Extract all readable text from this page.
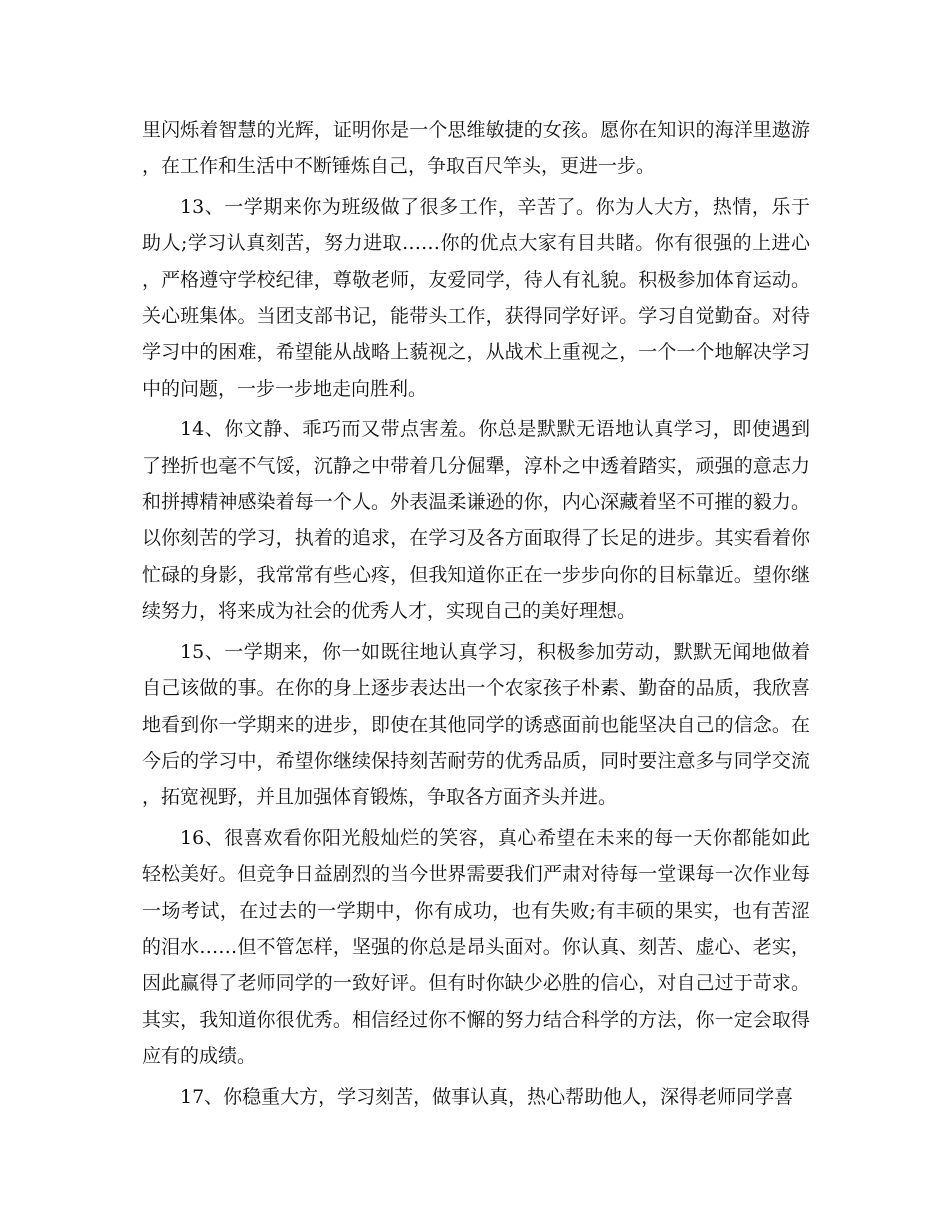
里闪烁着智慧的光辉，证明你是一个思维敏捷的女孩。愿你在知识的海洋里遨游，在工作和生活中不断锤炼自己，争取百尺竿头，更进一步。

13、一学期来你为班级做了很多工作，辛苦了。你为人大方，热情，乐于助人;学习认真刻苦，努力进取……你的优点大家有目共睹。你有很强的上进心，严格遵守学校纪律，尊敬老师，友爱同学，待人有礼貌。积极参加体育运动。关心班集体。当团支部书记，能带头工作，获得同学好评。学习自觉勤奋。对待学习中的困难，希望能从战略上藐视之，从战术上重视之，一个一个地解决学习中的问题，一步一步地走向胜利。

14、你文静、乖巧而又带点害羞。你总是默默无语地认真学习，即使遇到了挫折也毫不气馁，沉静之中带着几分倔犟，淳朴之中透着踏实，顽强的意志力和拼搏精神感染着每一个人。外表温柔谦逊的你，内心深藏着坚不可摧的毅力。以你刻苦的学习，执着的追求，在学习及各方面取得了长足的进步。其实看着你忙碌的身影，我常常有些心疼，但我知道你正在一步步向你的目标靠近。望你继续努力，将来成为社会的优秀人才，实现自己的美好理想。

15、一学期来，你一如既往地认真学习，积极参加劳动，默默无闻地做着自己该做的事。在你的身上逐步表达出一个农家孩子朴素、勤奋的品质，我欣喜地看到你一学期来的进步，即使在其他同学的诱惑面前也能坚决自己的信念。在今后的学习中，希望你继续保持刻苦耐劳的优秀品质，同时要注意多与同学交流，拓宽视野，并且加强体育锻炼，争取各方面齐头并进。

16、很喜欢看你阳光般灿烂的笑容，真心希望在未来的每一天你都能如此轻松美好。但竞争日益剧烈的当今世界需要我们严肃对待每一堂课每一次作业每一场考试，在过去的一学期中，你有成功，也有失败;有丰硕的果实，也有苦涩的泪水……但不管怎样，坚强的你总是昂头面对。你认真、刻苦、虚心、老实，因此赢得了老师同学的一致好评。但有时你缺少必胜的信心，对自己过于苛求。其实，我知道你很优秀。相信经过你不懈的努力结合科学的方法，你一定会取得应有的成绩。

17、你稳重大方，学习刻苦，做事认真，热心帮助他人，深得老师同学喜
